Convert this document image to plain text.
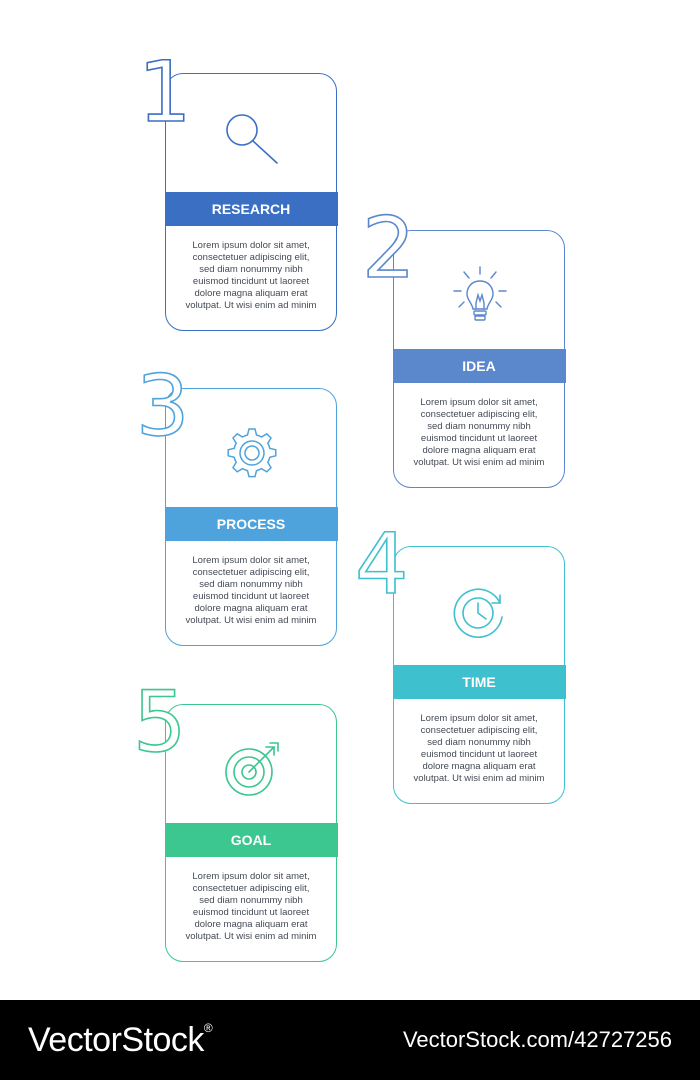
RESEARCH
Lorem ipsum dolor sit amet,
consectetuer adipiscing elit,
sed diam nonummy nibh
euismod tincidunt ut laoreet
dolore magna aliquam erat
volutpat. Ut wisi enim ad minim
1
IDEA
Lorem ipsum dolor sit amet,
consectetuer adipiscing elit,
sed diam nonummy nibh
euismod tincidunt ut laoreet
dolore magna aliquam erat
volutpat. Ut wisi enim ad minim
2
PROCESS
Lorem ipsum dolor sit amet,
consectetuer adipiscing elit,
sed diam nonummy nibh
euismod tincidunt ut laoreet
dolore magna aliquam erat
volutpat. Ut wisi enim ad minim
3
TIME
Lorem ipsum dolor sit amet,
consectetuer adipiscing elit,
sed diam nonummy nibh
euismod tincidunt ut laoreet
dolore magna aliquam erat
volutpat. Ut wisi enim ad minim
4
GOAL
Lorem ipsum dolor sit amet,
consectetuer adipiscing elit,
sed diam nonummy nibh
euismod tincidunt ut laoreet
dolore magna aliquam erat
volutpat. Ut wisi enim ad minim
5
VectorStock®	VectorStock.com/42727256
